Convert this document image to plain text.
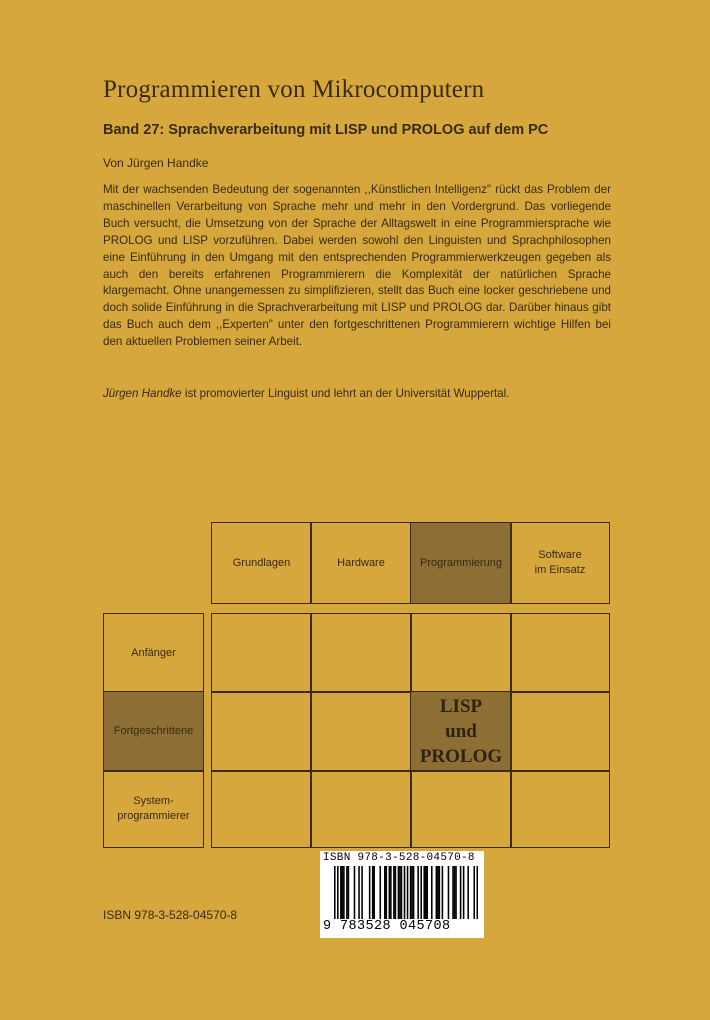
Programmieren von Mikrocomputern
Band 27: Sprachverarbeitung mit LISP und PROLOG auf dem PC
Von Jürgen Handke

Mit der wachsenden Bedeutung der sogenannten ,,Künstlichen Intelligenz" rückt das Problem der maschinellen Verarbeitung von Sprache mehr und mehr in den Vordergrund. Das vorliegende Buch versucht, die Umsetzung von der Sprache der Alltagswelt in eine Programmiersprache wie PROLOG und LISP vorzuführen. Dabei werden sowohl den Linguisten und Sprachphilosophen eine Einführung in den Umgang mit den entsprechenden Programmierwerkzeugen gegeben als auch den bereits erfahrenen Programmierern die Komplexität der natürlichen Sprache klargemacht. Ohne unangemessen zu simplifizieren, stellt das Buch eine locker geschriebene und doch solide Einführung in die Sprachverarbeitung mit LISP und PROLOG dar. Darüber hinaus gibt das Buch auch dem ,,Experten" unter den fortgeschrittenen Programmierern wichtige Hilfen bei den aktuellen Problemen seiner Arbeit.

Jürgen Handke ist promovierter Linguist und lehrt an der Universität Wuppertal.

Grundlagen	Hardware	Programmierung
Software
im Einsatz
Anfänger
Fortgeschrittene
System-
programmierer
LISP
und
PROLOG
ISBN 978-3-528-04570-8
ISBN 978-3-528-04570-8
9 783528 045708
